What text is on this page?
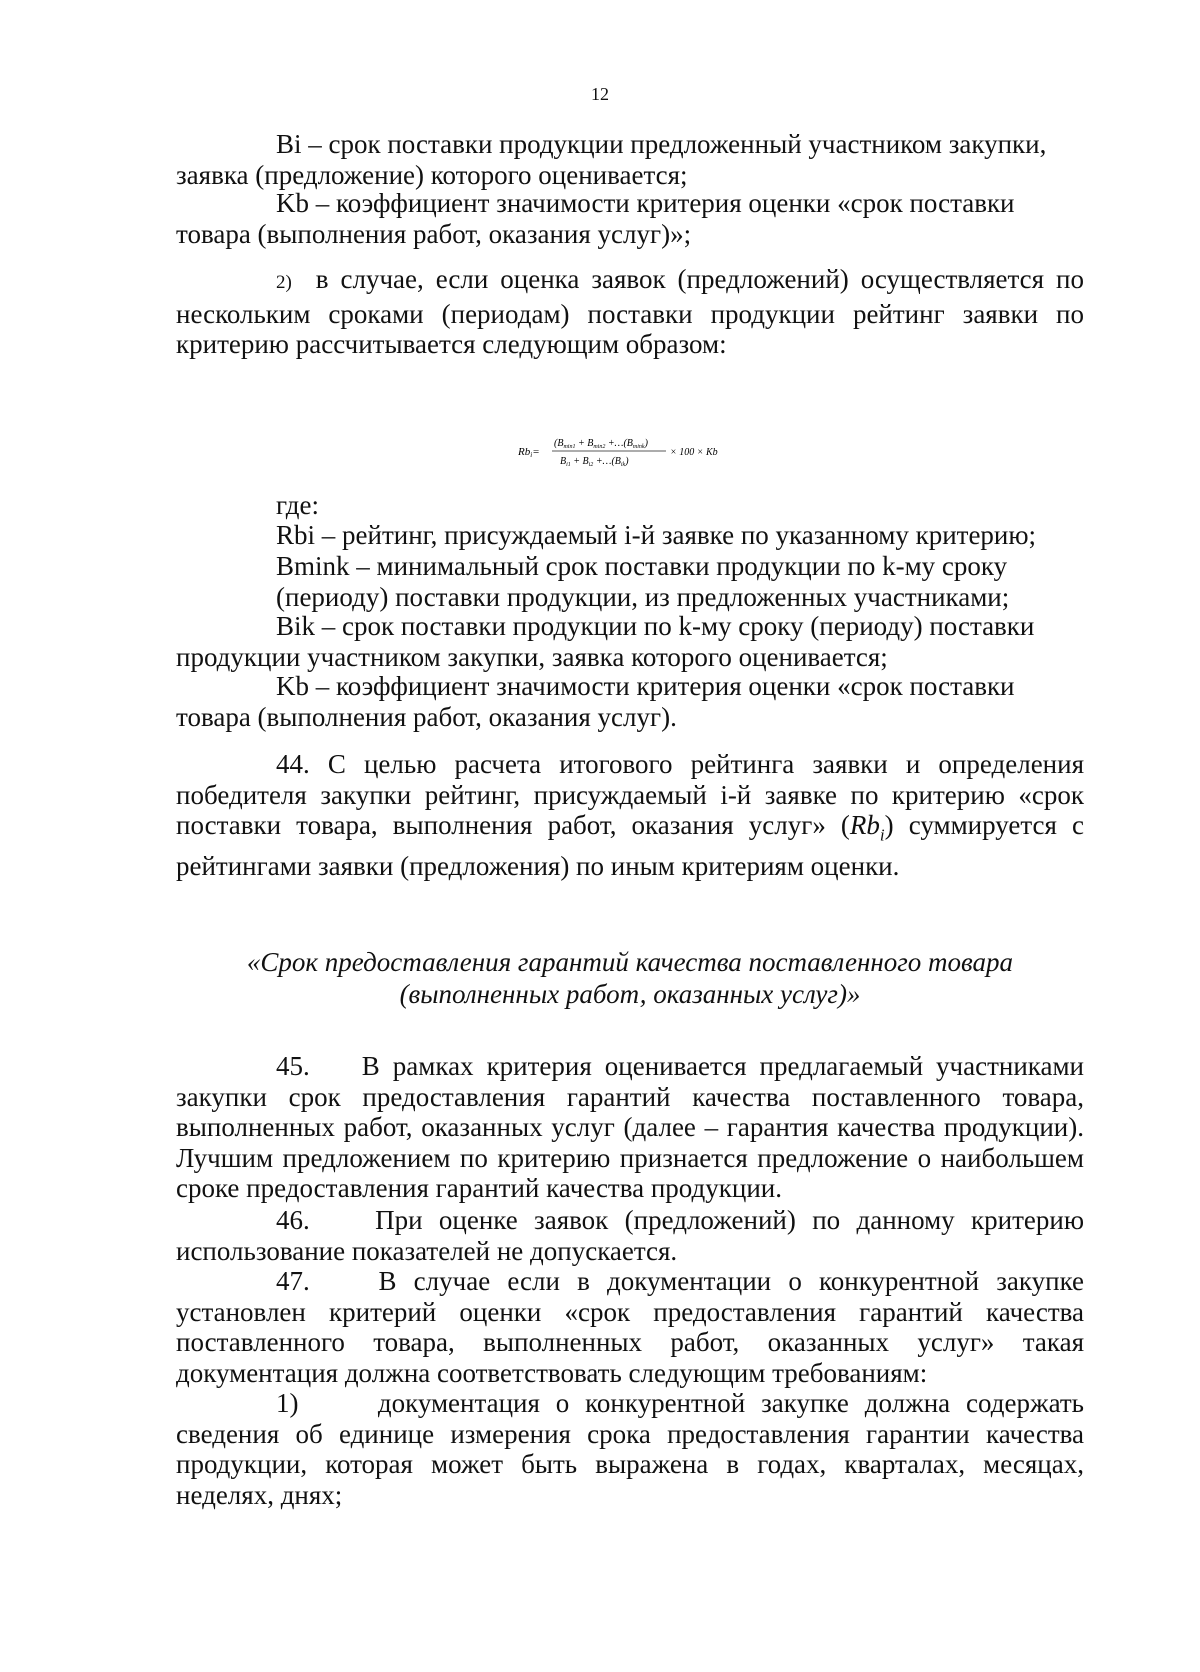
12

Bi – срок поставки продукции предложенный участником закупки,
заявка (предложение) которого оценивается;

Kb – коэффициент значимости критерия оценки «срок поставки
товара (выполнения работ, оказания услуг)»;

2) в случае, если оценка заявок (предложений) осуществляется по нескольким сроками (периодам) поставки продукции рейтинг заявки по критерию рассчитывается следующим образом:

Rbi=
($B_{min1} + B_{min2}$ $+\dots(B_{mink})$
$B_{i1} + B_{i2}$ $+\dots(B_{ik})$
× 100 × Kb

где:

Rbi – рейтинг, присуждаемый i-й заявке по указанному критерию;

Bmink – минимальный срок поставки продукции по k-му сроку
(периоду) поставки продукции, из предложенных участниками;

Bik – срок поставки продукции по k-му сроку (периоду) поставки
продукции участником закупки, заявка которого оценивается;

Kb – коэффициент значимости критерия оценки «срок поставки
товара (выполнения работ, оказания услуг).

44. С целью расчета итогового рейтинга заявки и определения победителя закупки рейтинг, присуждаемый i-й заявке по критерию «срок поставки товара, выполнения работ, оказания услуг» $(Rb_i)$ суммируется с рейтингами заявки (предложения) по иным критериям оценки.

«Срок предоставления гарантий качества поставленного товара
(выполненных работ, оказанных услуг)»

45. В рамках критерия оценивается предлагаемый участниками закупки срок предоставления гарантий качества поставленного товара, выполненных работ, оказанных услуг (далее – гарантия качества продукции). Лучшим предложением по критерию признается предложение о наибольшем сроке предоставления гарантий качества продукции.

46. При оценке заявок (предложений) по данному критерию использование показателей не допускается.

47.	В случае если в документации о конкурентной закупке установлен критерий оценки «срок предоставления гарантий качества поставленного товара, выполненных работ, оказанных услуг» такая документация должна соответствовать следующим требованиям:

1)	документация о конкурентной закупке должна содержать сведения об единице измерения срока предоставления гарантии качества продукции, которая может быть выражена в годах, кварталах, месяцах, неделях, днях;
